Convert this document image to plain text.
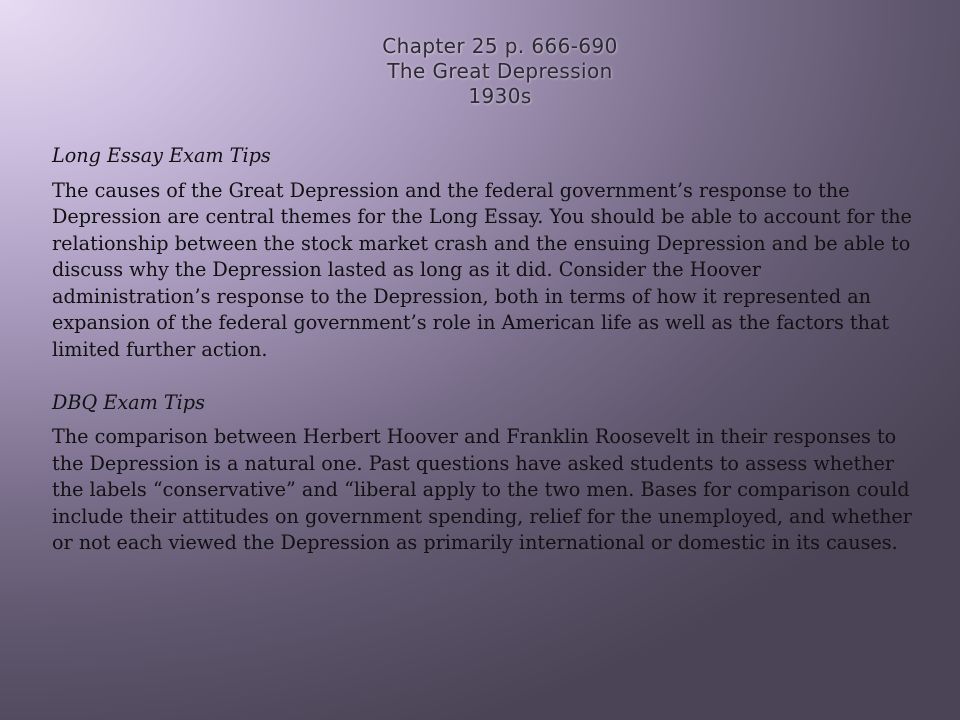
Chapter 25 p. 666-690
The Great Depression
1930s
Long Essay Exam Tips

The causes of the Great Depression and the federal government’s response to the Depression are central themes for the Long Essay. You should be able to account for the relationship between the stock market crash and the ensuing Depression and be able to discuss why the Depression lasted as long as it did. Consider the Hoover administration’s response to the Depression, both in terms of how it represented an expansion of the federal government’s role in American life as well as the factors that limited further action.

DBQ Exam Tips

The comparison between Herbert Hoover and Franklin Roosevelt in their responses to the Depression is a natural one. Past questions have asked students to assess whether the labels “conservative” and “liberal apply to the two men. Bases for comparison could include their attitudes on government spending, relief for the unemployed, and whether or not each viewed the Depression as primarily international or domestic in its causes.
